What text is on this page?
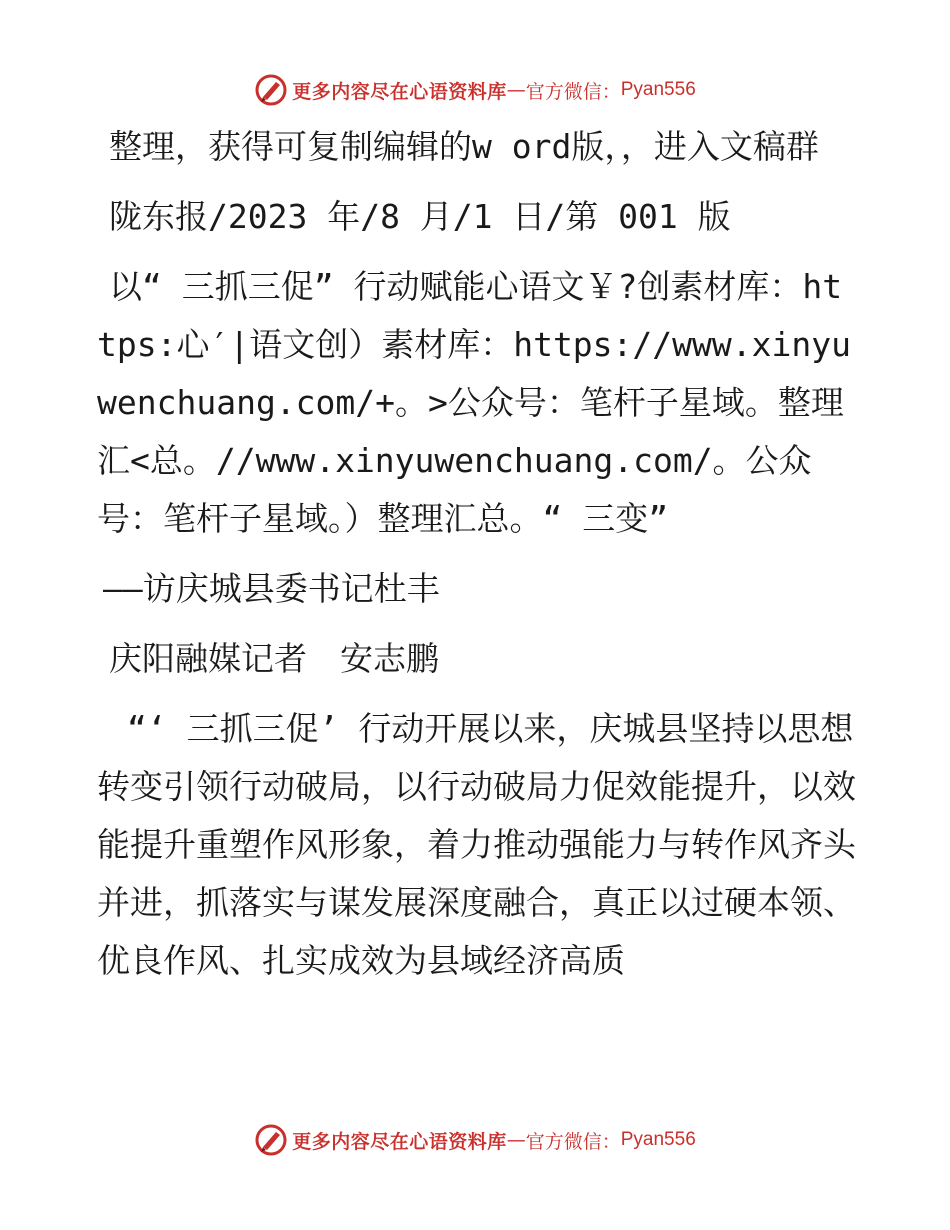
更多内容尽在心语资料库 — 官方微信： Pyan556

整理，获得可复制编辑的w ord版，，进入文稿群

陇东报/2023 年/8 月/1 日/第 001 版

以“ 三抓三促” 行动赋能心语文￥?创素材库：https:心′|语文创）素材库：https://www.xinyuwenchuang.com/+。>公众号：笔杆子星域。整理汇<总。//www.xinyuwenchuang.com/。公众号：笔杆子星域。）整理汇总。“ 三变”

——访庆城县委书记杜丰

庆阳融媒记者　安志鹏

“‘ 三抓三促’ 行动开展以来，庆城县坚持以思想转变引领行动破局，以行动破局力促效能提升，以效能提升重塑作风形象，着力推动强能力与转作风齐头并进，抓落实与谋发展深度融合，真正以过硬本领、优良作风、扎实成效为县域经济高质

更多内容尽在心语资料库 — 官方微信： Pyan556
